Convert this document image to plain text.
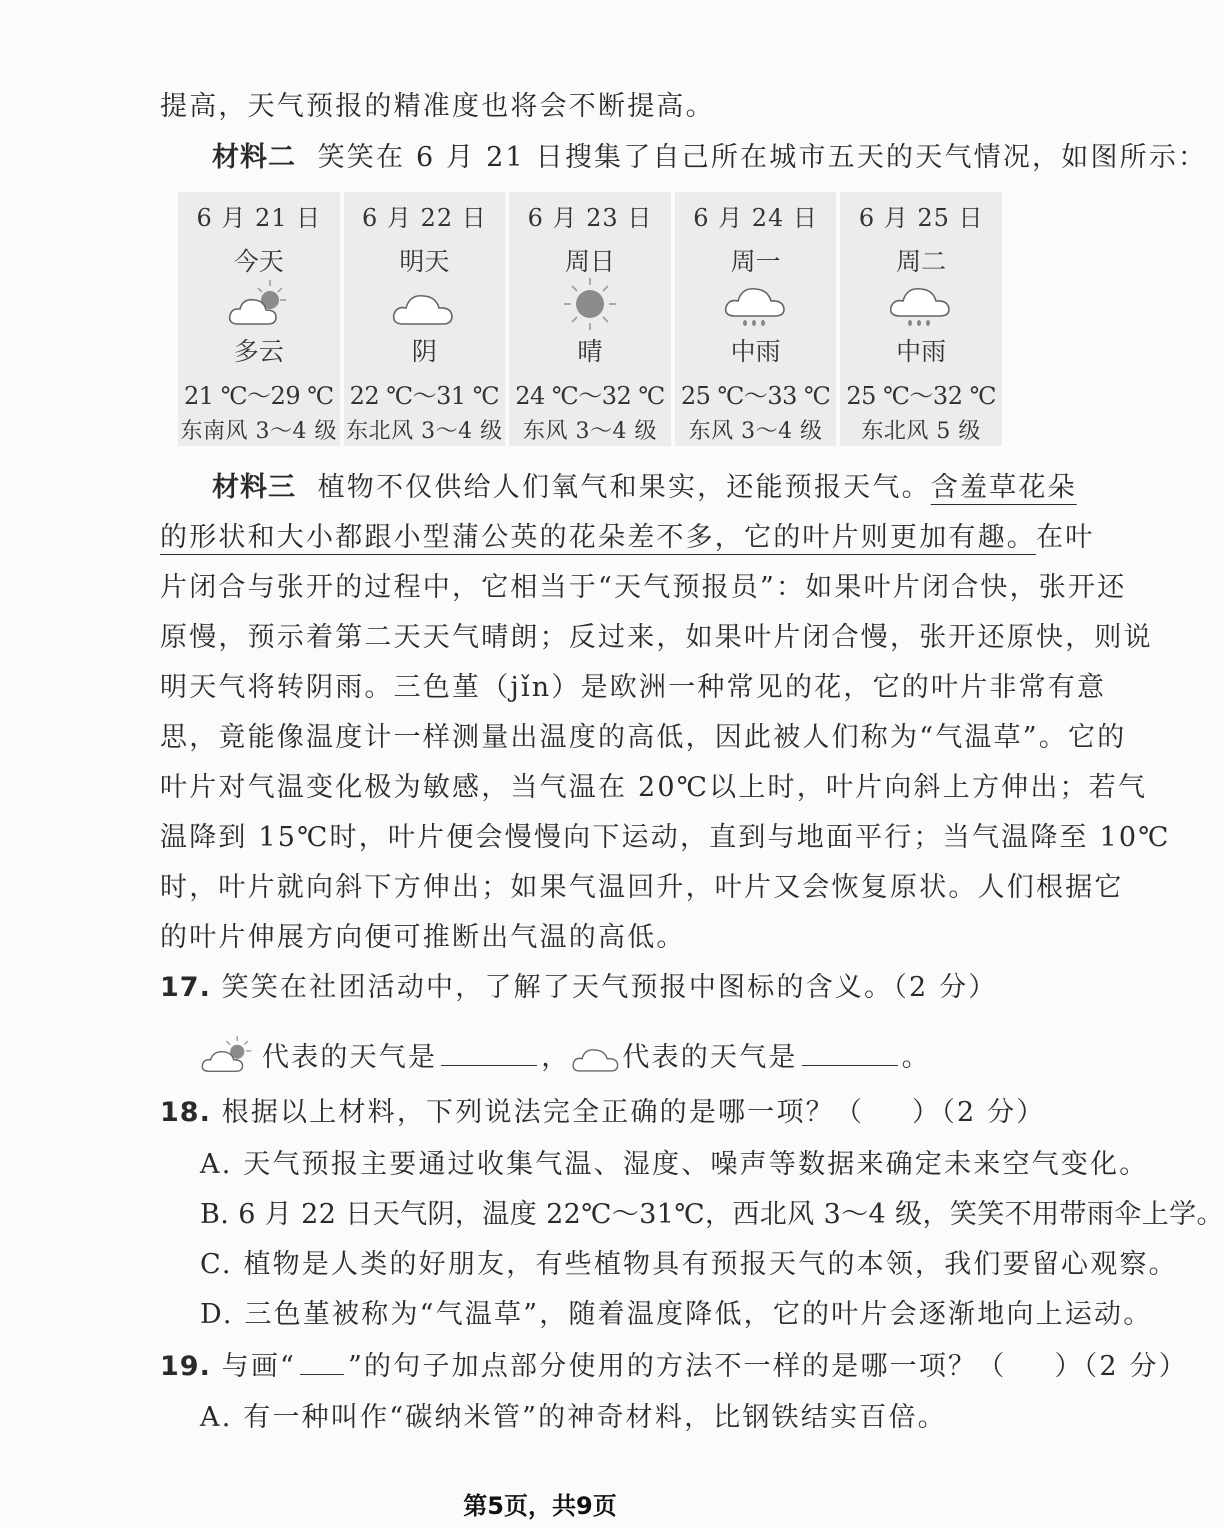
提高，天气预报的精准度也将会不断提高。
材料二 笑笑在 6 月 21 日搜集了自己所在城市五天的天气情况，如图所示：
6 月 21 日
今天
多云
21 ℃～29 ℃
东南风 3～4 级
6 月 22 日
明天
阴
22 ℃～31 ℃
东北风 3～4 级
6 月 23 日
周日
晴
24 ℃～32 ℃
东风 3～4 级
6 月 24 日
周一
中雨
25 ℃～33 ℃
东风 3～4 级
6 月 25 日
周二
中雨
25 ℃～32 ℃
东北风 5 级
材料三 植物不仅供给人们氧气和果实，还能预报天气。含羞草花朵
的形状和大小都跟小型蒲公英的花朵差不多，它的叶片则更加有趣。在叶
片闭合与张开的过程中，它相当于“天气预报员”：如果叶片闭合快，张开还
原慢，预示着第二天天气晴朗；反过来，如果叶片闭合慢，张开还原快，则说
明天气将转阴雨。三色堇（jǐn）是欧洲一种常见的花，它的叶片非常有意
思，竟能像温度计一样测量出温度的高低，因此被人们称为“气温草”。它的
叶片对气温变化极为敏感，当气温在 20℃以上时，叶片向斜上方伸出；若气
温降到 15℃时，叶片便会慢慢向下运动，直到与地面平行；当气温降至 10℃
时，叶片就向斜下方伸出；如果气温回升，叶片又会恢复原状。人们根据它
的叶片伸展方向便可推断出气温的高低。
17. 笑笑在社团活动中，了解了天气预报中图标的含义。（2 分）
代表的天气是	， 代表的天气是	。
18. 根据以上材料，下列说法完全正确的是哪一项？（ ）（2 分）
A. 天气预报主要通过收集气温、湿度、噪声等数据来确定未来空气变化。
B. 6 月 22 日天气阴，温度 22℃～31℃，西北风 3～4 级，笑笑不用带雨伞上学。
C. 植物是人类的好朋友，有些植物具有预报天气的本领，我们要留心观察。
D. 三色堇被称为“气温草”，随着温度降低，它的叶片会逐渐地向上运动。
19. 与画“ ”的句子加点部分使用的方法不一样的是哪一项？（ ）（2 分）
A. 有一种叫作“碳纳米管”的神奇材料，比钢铁结实百倍。
第5页，共9页
